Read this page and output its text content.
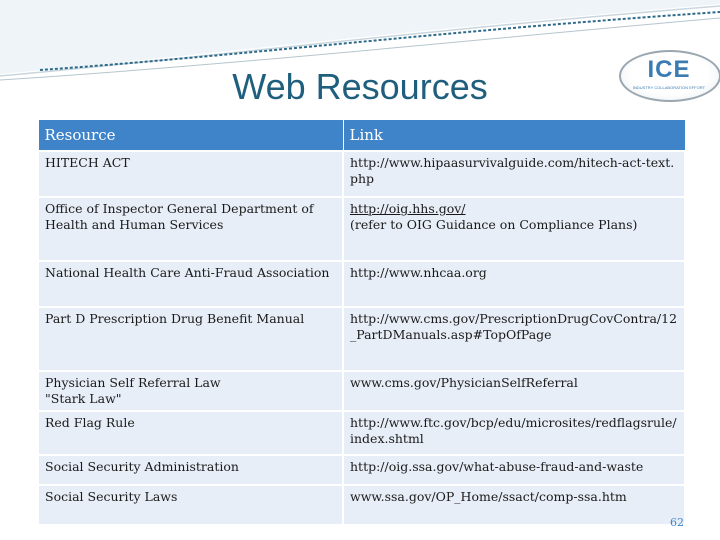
Web Resources	ICE
INDUSTRY COLLABORATION EFFORT
Resource	Link
HITECH ACT	http://www.hipaasurvivalguide.com/hitech-act-text.php
Office of Inspector General Department of Health and Human Services	http://oig.hhs.gov/
(refer to OIG Guidance on Compliance Plans)
National Health Care Anti-Fraud Association	http://www.nhcaa.org
Part D Prescription Drug Benefit Manual	http://www.cms.gov/PrescriptionDrugCovContra/12_PartDManuals.asp#TopOfPage
Physician Self Referral Law
"Stark Law"	www.cms.gov/PhysicianSelfReferral
Red Flag Rule	http://www.ftc.gov/bcp/edu/microsites/redflagsrule/index.shtml
Social Security Administration	http://oig.ssa.gov/what-abuse-fraud-and-waste
Social Security Laws	www.ssa.gov/OP_Home/ssact/comp-ssa.htm
62
